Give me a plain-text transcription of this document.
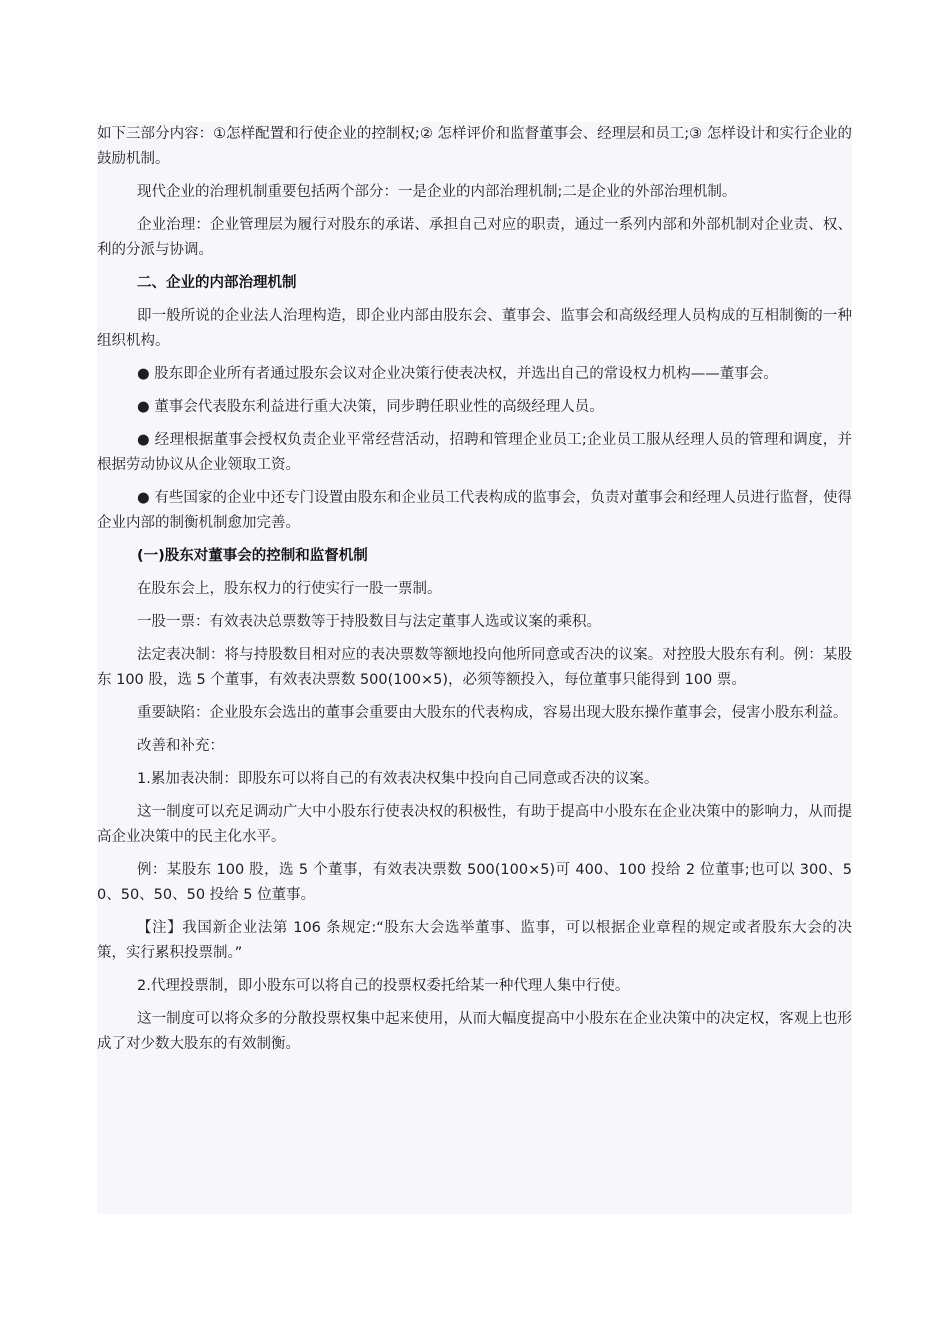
如下三部分内容：①怎样配置和行使企业的控制权;② 怎样评价和监督董事会、经理层和员工;③ 怎样设计和实行企业的鼓励机制。

现代企业的治理机制重要包括两个部分：一是企业的内部治理机制;二是企业的外部治理机制。

企业治理：企业管理层为履行对股东的承诺、承担自己对应的职责，通过一系列内部和外部机制对企业责、权、利的分派与协调。

二、企业的内部治理机制

即一般所说的企业法人治理构造，即企业内部由股东会、董事会、监事会和高级经理人员构成的互相制衡的一种组织机构。

● 股东即企业所有者通过股东会议对企业决策行使表决权，并选出自己的常设权力机构——董事会。

● 董事会代表股东利益进行重大决策，同步聘任职业性的高级经理人员。

● 经理根据董事会授权负责企业平常经营活动，招聘和管理企业员工;企业员工服从经理人员的管理和调度，并根据劳动协议从企业领取工资。

● 有些国家的企业中还专门设置由股东和企业员工代表构成的监事会，负责对董事会和经理人员进行监督，使得企业内部的制衡机制愈加完善。

(一)股东对董事会的控制和监督机制

在股东会上，股东权力的行使实行一股一票制。

一股一票：有效表决总票数等于持股数目与法定董事人选或议案的乘积。

法定表决制：将与持股数目相对应的表决票数等额地投向他所同意或否决的议案。对控股大股东有利。例：某股东 100 股，选 5 个董事，有效表决票数 500(100×5)，必须等额投入，每位董事只能得到 100 票。

重要缺陷：企业股东会选出的董事会重要由大股东的代表构成，容易出现大股东操作董事会，侵害小股东利益。

改善和补充：

1.累加表决制：即股东可以将自己的有效表决权集中投向自己同意或否决的议案。

这一制度可以充足调动广大中小股东行使表决权的积极性，有助于提高中小股东在企业决策中的影响力，从而提高企业决策中的民主化水平。

例：某股东 100 股，选 5 个董事，有效表决票数 500(100×5)可 400、100 投给 2 位董事;也可以 300、50、50、50、50 投给 5 位董事。

【注】我国新企业法第 106 条规定:“股东大会选举董事、监事，可以根据企业章程的规定或者股东大会的决策，实行累积投票制。”

2.代理投票制，即小股东可以将自己的投票权委托给某一种代理人集中行使。

这一制度可以将众多的分散投票权集中起来使用，从而大幅度提高中小股东在企业决策中的决定权，客观上也形成了对少数大股东的有效制衡。
